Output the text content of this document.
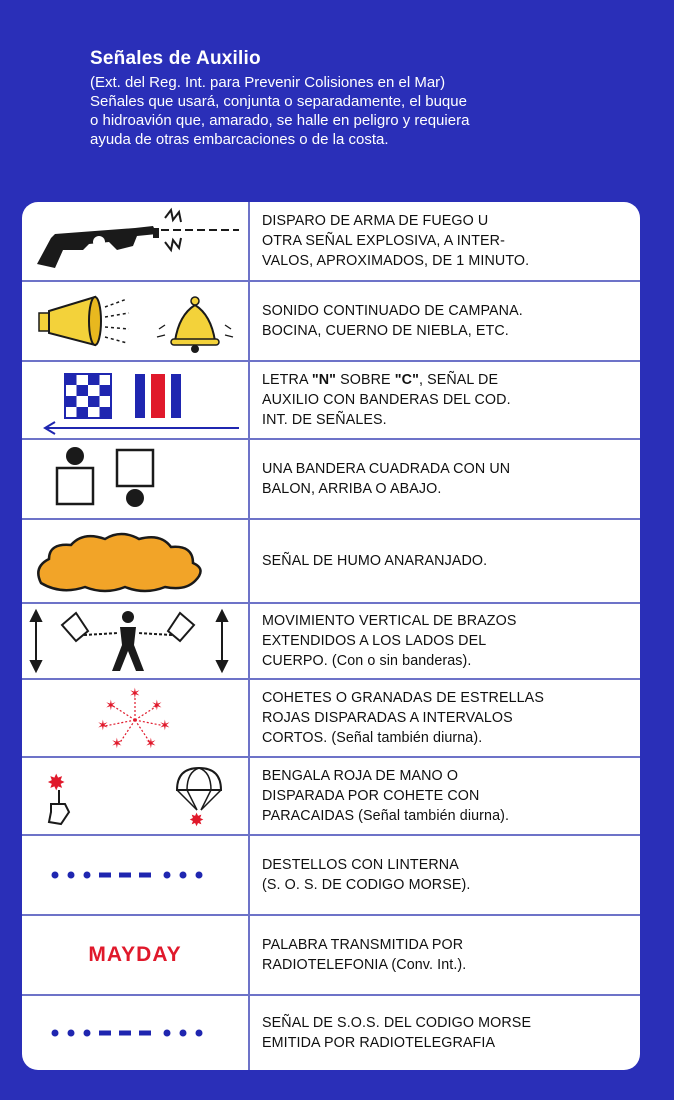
Señales de Auxilio

(Ext. del Reg. Int. para Prevenir Colisiones en el Mar)
Señales que usará, conjunta o separadamente, el buque
o hidroavión que, amarado, se halle en peligro y requiera
ayuda de otras embarcaciones o de la costa.

DISPARO DE ARMA DE FUEGO U
OTRA SEÑAL EXPLOSIVA, A INTER-
VALOS, APROXIMADOS, DE 1 MINUTO.
SONIDO CONTINUADO DE CAMPANA.
BOCINA, CUERNO DE NIEBLA, ETC.
LETRA "N" SOBRE "C", SEÑAL DE
AUXILIO CON BANDERAS DEL COD.
INT. DE SEÑALES.
UNA BANDERA CUADRADA CON UN
BALON, ARRIBA O ABAJO.
SEÑAL DE HUMO ANARANJADO.
MOVIMIENTO VERTICAL DE BRAZOS
EXTENDIDOS A LOS LADOS DEL
CUERPO. (Con o sin banderas).
✶
✶ ✶
✶	✶
✶ ✶
COHETES O GRANADAS DE ESTRELLAS
ROJAS DISPARADAS A INTERVALOS
CORTOS. (Señal también diurna).
✸
✸
BENGALA ROJA DE MANO O
DISPARADA POR COHETE CON
PARACAIDAS (Señal también diurna).
DESTELLOS CON LINTERNA
(S. O. S. DE CODIGO MORSE).
MAYDAY	PALABRA TRANSMITIDA POR
RADIOTELEFONIA (Conv. Int.).
SEÑAL DE S.O.S. DEL CODIGO MORSE
EMITIDA POR RADIOTELEGRAFIA
